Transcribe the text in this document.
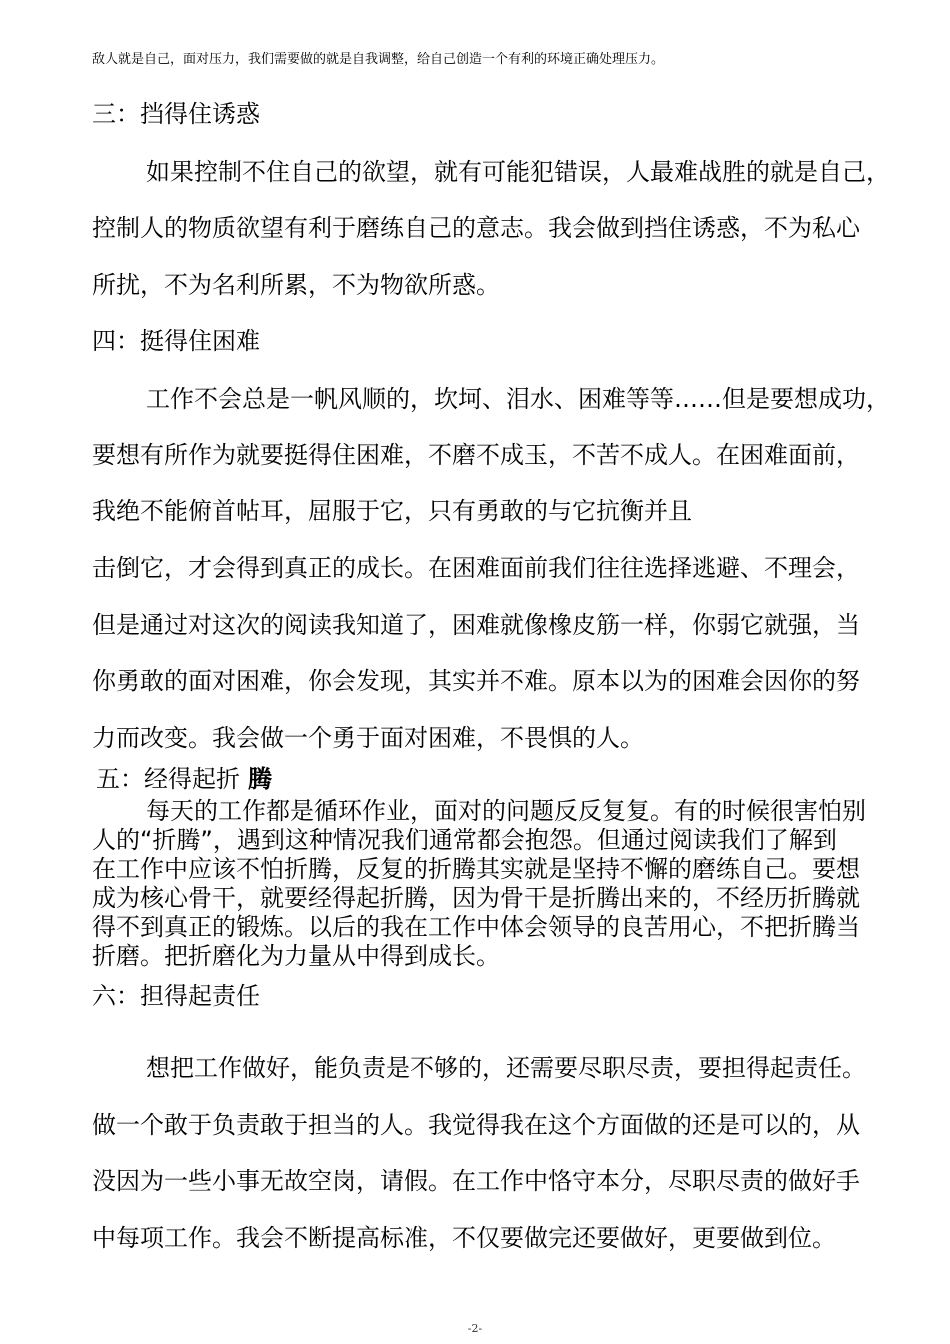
敌人就是自己，面对压力，我们需要做的就是自我调整，给自己创造一个有利的环境正确处理压力。
三：挡得住诱惑
如果控制不住自己的欲望，就有可能犯错误，人最难战胜的就是自己，
控制人的物质欲望有利于磨练自己的意志。我会做到挡住诱惑，不为私心
所扰，不为名利所累，不为物欲所惑。
四：挺得住困难
工作不会总是一帆风顺的，坎坷、泪水、困难等等……但是要想成功，
要想有所作为就要挺得住困难，不磨不成玉，不苦不成人。在困难面前，
我绝不能俯首帖耳，屈服于它，只有勇敢的与它抗衡并且
击倒它，才会得到真正的成长。在困难面前我们往往选择逃避、不理会，
但是通过对这次的阅读我知道了，困难就像橡皮筋一样，你弱它就强，当
你勇敢的面对困难，你会发现，其实并不难。原本以为的困难会因你的努
力而改变。我会做一个勇于面对困难，不畏惧的人。
五：经得起折 腾
每天的工作都是循环作业，面对的问题反反复复。有的时候很害怕别
人的“折腾”，遇到这种情况我们通常都会抱怨。但通过阅读我们了解到
在工作中应该不怕折腾，反复的折腾其实就是坚持不懈的磨练自己。要想
成为核心骨干，就要经得起折腾，因为骨干是折腾出来的，不经历折腾就
得不到真正的锻炼。以后的我在工作中体会领导的良苦用心，不把折腾当
折磨。把折磨化为力量从中得到成长。
六：担得起责任
想把工作做好，能负责是不够的，还需要尽职尽责，要担得起责任。
做一个敢于负责敢于担当的人。我觉得我在这个方面做的还是可以的，从
没因为一些小事无故空岗，请假。在工作中恪守本分，尽职尽责的做好手
中每项工作。我会不断提高标准，不仅要做完还要做好，更要做到位。
-2-
